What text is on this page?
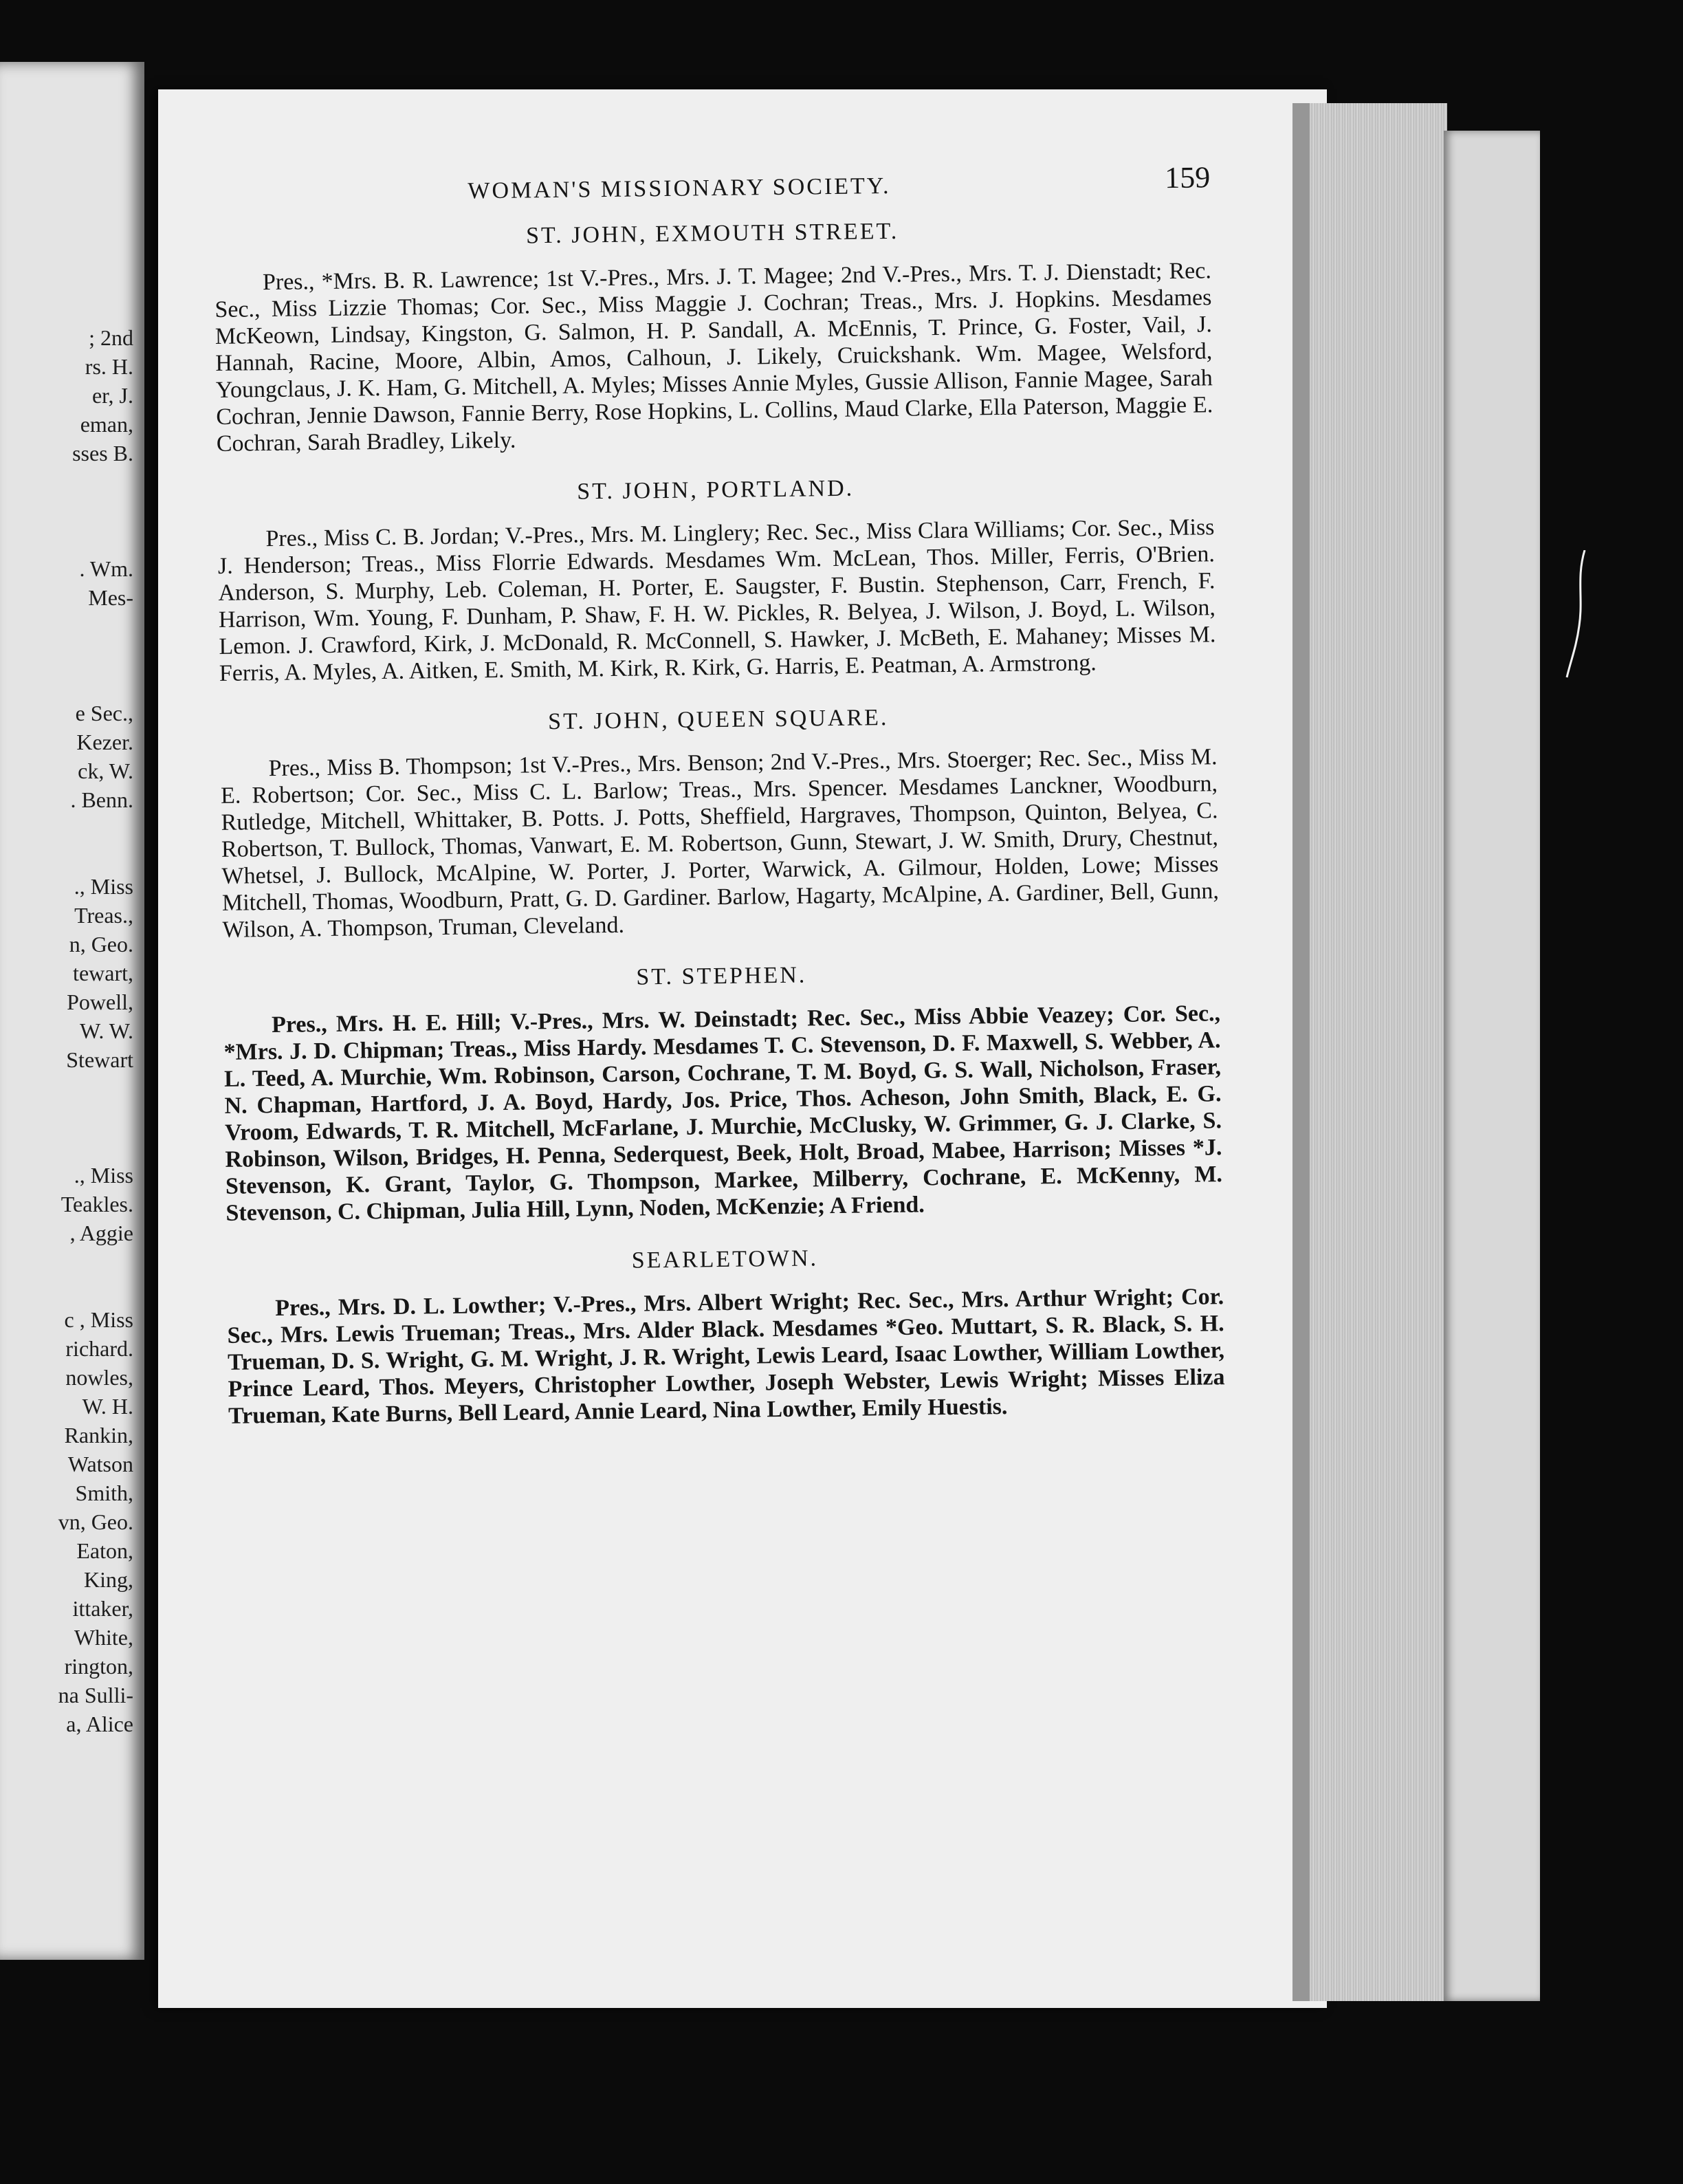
; 2nd
rs. H.
er, J.
eman,
sses B.

. Wm.
Mes-

e Sec.,
Kezer.
ck, W.
. Benn.

., Miss
Treas.,
n, Geo.
tewart,
Powell,
W. W.
Stewart

., Miss
Teakles.
, Aggie

c , Miss
richard.
nowles,
W. H.
Rankin,
Watson
Smith,
vn, Geo.
Eaton,
King,
ittaker,
White,
rington,
na Sulli-
a, Alice
WOMAN'S MISSIONARY SOCIETY.	159
ST. JOHN, EXMOUTH STREET.
Pres., *Mrs. B. R. Lawrence; 1st V.-Pres., Mrs. J. T. Magee; 2nd V.-Pres., Mrs. T. J. Dienstadt; Rec. Sec., Miss Lizzie Thomas; Cor. Sec., Miss Maggie J. Cochran; Treas., Mrs. J. Hopkins. Mesdames McKeown, Lindsay, Kingston, G. Salmon, H. P. Sandall, A. McEnnis, T. Prince, G. Foster, Vail, J. Hannah, Racine, Moore, Albin, Amos, Calhoun, J. Likely, Cruickshank. Wm. Magee, Welsford, Youngclaus, J. K. Ham, G. Mitchell, A. Myles; Misses Annie Myles, Gussie Allison, Fannie Magee, Sarah Cochran, Jennie Dawson, Fannie Berry, Rose Hopkins, L. Collins, Maud Clarke, Ella Paterson, Maggie E. Cochran, Sarah Bradley, Likely.
ST. JOHN, PORTLAND.
Pres., Miss C. B. Jordan; V.-Pres., Mrs. M. Linglery; Rec. Sec., Miss Clara Williams; Cor. Sec., Miss J. Henderson; Treas., Miss Florrie Edwards. Mesdames Wm. McLean, Thos. Miller, Ferris, O'Brien. Anderson, S. Murphy, Leb. Coleman, H. Porter, E. Saugster, F. Bustin. Stephenson, Carr, French, F. Harrison, Wm. Young, F. Dunham, P. Shaw, F. H. W. Pickles, R. Belyea, J. Wilson, J. Boyd, L. Wilson, Lemon. J. Crawford, Kirk, J. McDonald, R. McConnell, S. Hawker, J. McBeth, E. Mahaney; Misses M. Ferris, A. Myles, A. Aitken, E. Smith, M. Kirk, R. Kirk, G. Harris, E. Peatman, A. Armstrong.
ST. JOHN, QUEEN SQUARE.
Pres., Miss B. Thompson; 1st V.-Pres., Mrs. Benson; 2nd V.-Pres., Mrs. Stoerger; Rec. Sec., Miss M. E. Robertson; Cor. Sec., Miss C. L. Barlow; Treas., Mrs. Spencer. Mesdames Lanckner, Woodburn, Rutledge, Mitchell, Whittaker, B. Potts. J. Potts, Sheffield, Hargraves, Thompson, Quinton, Belyea, C. Robertson, T. Bullock, Thomas, Vanwart, E. M. Robertson, Gunn, Stewart, J. W. Smith, Drury, Chestnut, Whetsel, J. Bullock, McAlpine, W. Porter, J. Porter, Warwick, A. Gilmour, Holden, Lowe; Misses Mitchell, Thomas, Woodburn, Pratt, G. D. Gardiner. Barlow, Hagarty, McAlpine, A. Gardiner, Bell, Gunn, Wilson, A. Thompson, Truman, Cleveland.
ST. STEPHEN.
Pres., Mrs. H. E. Hill; V.-Pres., Mrs. W. Deinstadt; Rec. Sec., Miss Abbie Veazey; Cor. Sec., *Mrs. J. D. Chipman; Treas., Miss Hardy. Mesdames T. C. Stevenson, D. F. Maxwell, S. Webber, A. L. Teed, A. Murchie, Wm. Robinson, Carson, Cochrane, T. M. Boyd, G. S. Wall, Nicholson, Fraser, N. Chapman, Hartford, J. A. Boyd, Hardy, Jos. Price, Thos. Acheson, John Smith, Black, E. G. Vroom, Edwards, T. R. Mitchell, McFarlane, J. Murchie, McClusky, W. Grimmer, G. J. Clarke, S. Robinson, Wilson, Bridges, H. Penna, Sederquest, Beek, Holt, Broad, Mabee, Harrison; Misses *J. Stevenson, K. Grant, Taylor, G. Thompson, Markee, Milberry, Cochrane, E. McKenny, M. Stevenson, C. Chipman, Julia Hill, Lynn, Noden, McKenzie; A Friend.
SEARLETOWN.
Pres., Mrs. D. L. Lowther; V.-Pres., Mrs. Albert Wright; Rec. Sec., Mrs. Arthur Wright; Cor. Sec., Mrs. Lewis Trueman; Treas., Mrs. Alder Black. Mesdames *Geo. Muttart, S. R. Black, S. H. Trueman, D. S. Wright, G. M. Wright, J. R. Wright, Lewis Leard, Isaac Lowther, William Lowther, Prince Leard, Thos. Meyers, Christopher Lowther, Joseph Webster, Lewis Wright; Misses Eliza Trueman, Kate Burns, Bell Leard, Annie Leard, Nina Lowther, Emily Huestis.
